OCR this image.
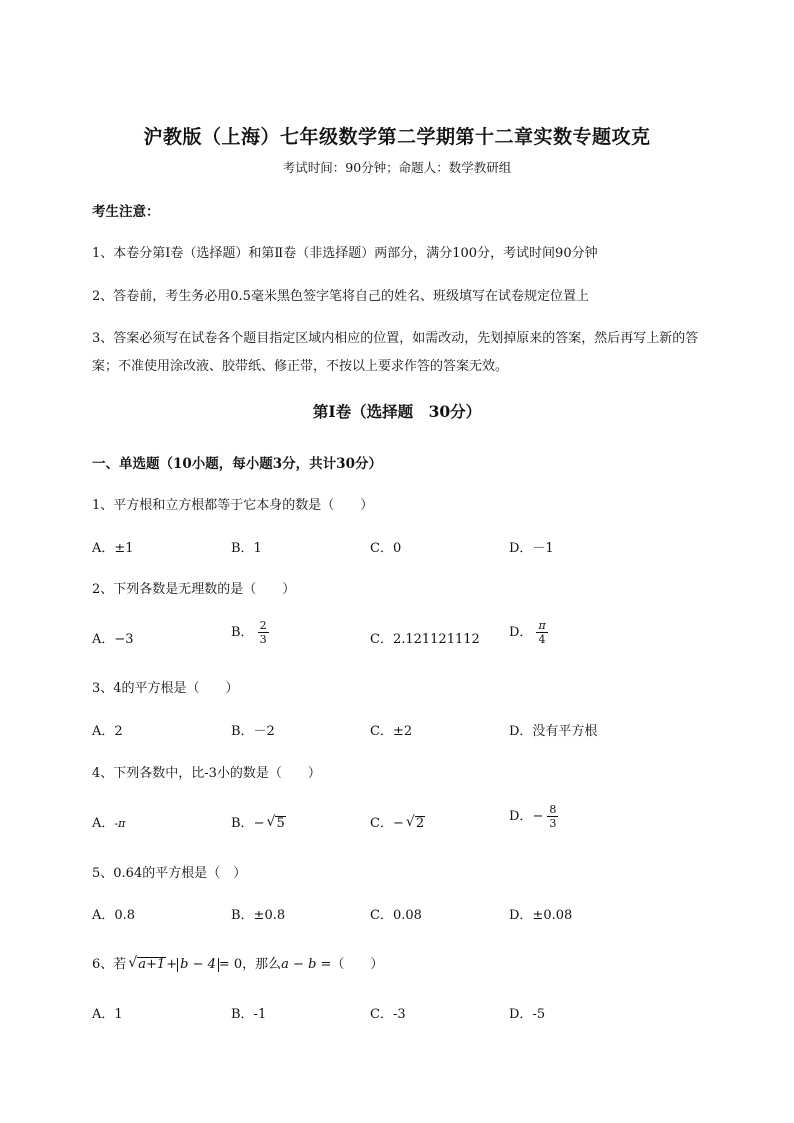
沪教版（上海）七年级数学第二学期第十二章实数专题攻克
考试时间：90分钟；命题人：数学教研组
考生注意：
1、本卷分第I卷（选择题）和第Ⅱ卷（非选择题）两部分，满分100分，考试时间90分钟
2、答卷前，考生务必用0.5毫米黑色签字笔将自己的姓名、班级填写在试卷规定位置上
3、答案必须写在试卷各个题目指定区域内相应的位置，如需改动，先划掉原来的答案，然后再写上新的答案；不准使用涂改液、胶带纸、修正带，不按以上要求作答的答案无效。
第I卷（选择题　30分）
一、单选题（10小题，每小题3分，共计30分）
1、平方根和立方根都等于它本身的数是（　　）
A．±1	B．1	C．0	D．－1
2、下列各数是无理数的是（　　）
A．−3	B． $\frac{2}{3}$	C．2.121121112 D． $\frac{\pi}{4}$
3、4的平方根是（　　）
A．2	B．－2	C．±2	D．没有平方根
4、下列各数中，比-3小的数是（　　）
A．-π	B．− √ 5	C．− √ 2	D．− $\frac{8}{3}$
5、0.64的平方根是（　）
A．0.8	B．±0.8	C．0.08	D．±0.08
6、若 √ a+1+ b − 4 = 0，那么a − b =（　　）
A．1	B．-1	C．-3	D．-5
